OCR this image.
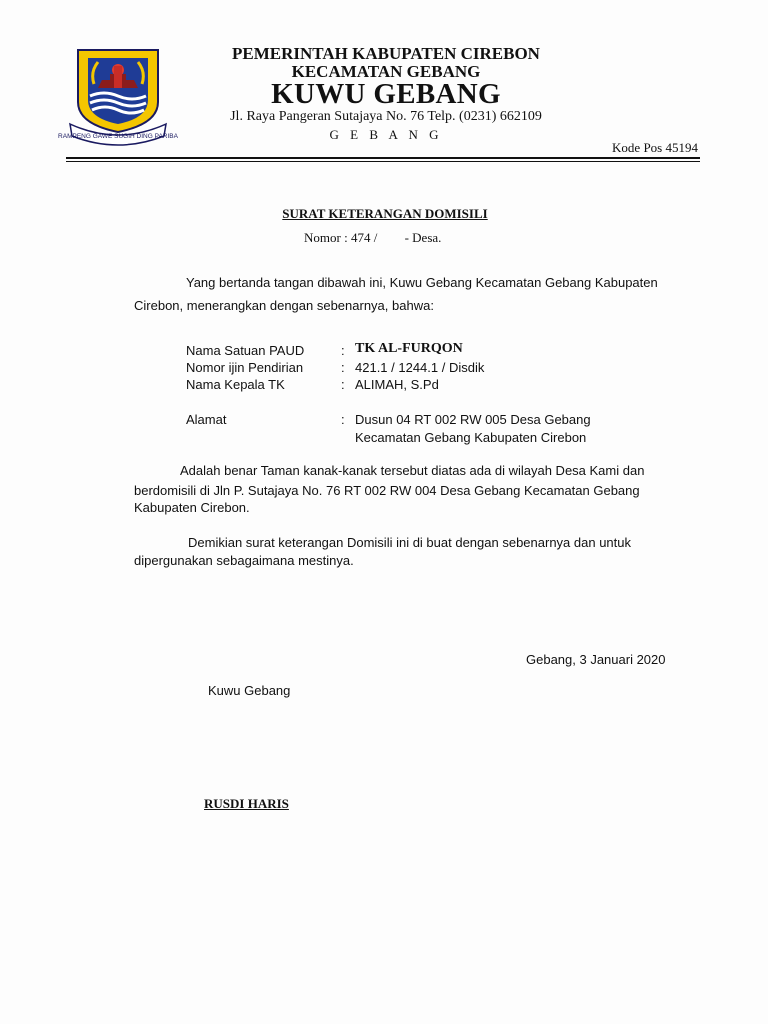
RAMPENG GAWE SUGIH DING PARIBA
PEMERINTAH KABUPATEN CIREBON
KECAMATAN GEBANG
KUWU GEBANG
Jl. Raya Pangeran Sutajaya No. 76 Telp. (0231) 662109
G E B A N G
Kode Pos 45194
SURAT KETERANGAN DOMISILI
Nomor : 474 / - Desa.
Yang bertanda tangan dibawah ini, Kuwu Gebang Kecamatan Gebang Kabupaten
Cirebon, menerangkan dengan sebenarnya, bahwa:
Nama Satuan PAUD	: TK AL-FURQON
Nomor ijin Pendirian	: 421.1 / 1244.1 / Disdik
Nama Kepala TK	: ALIMAH, S.Pd
Alamat	: Dusun 04 RT 002 RW 005 Desa Gebang
Kecamatan Gebang Kabupaten Cirebon
Adalah benar Taman kanak-kanak tersebut diatas ada di wilayah Desa Kami dan
berdomisili di Jln P. Sutajaya No. 76 RT 002 RW 004 Desa Gebang Kecamatan Gebang
Kabupaten Cirebon.
Demikian surat keterangan Domisili ini di buat dengan sebenarnya dan untuk
dipergunakan sebagaimana mestinya.
Gebang, 3 Januari 2020
Kuwu Gebang
RUSDI HARIS
